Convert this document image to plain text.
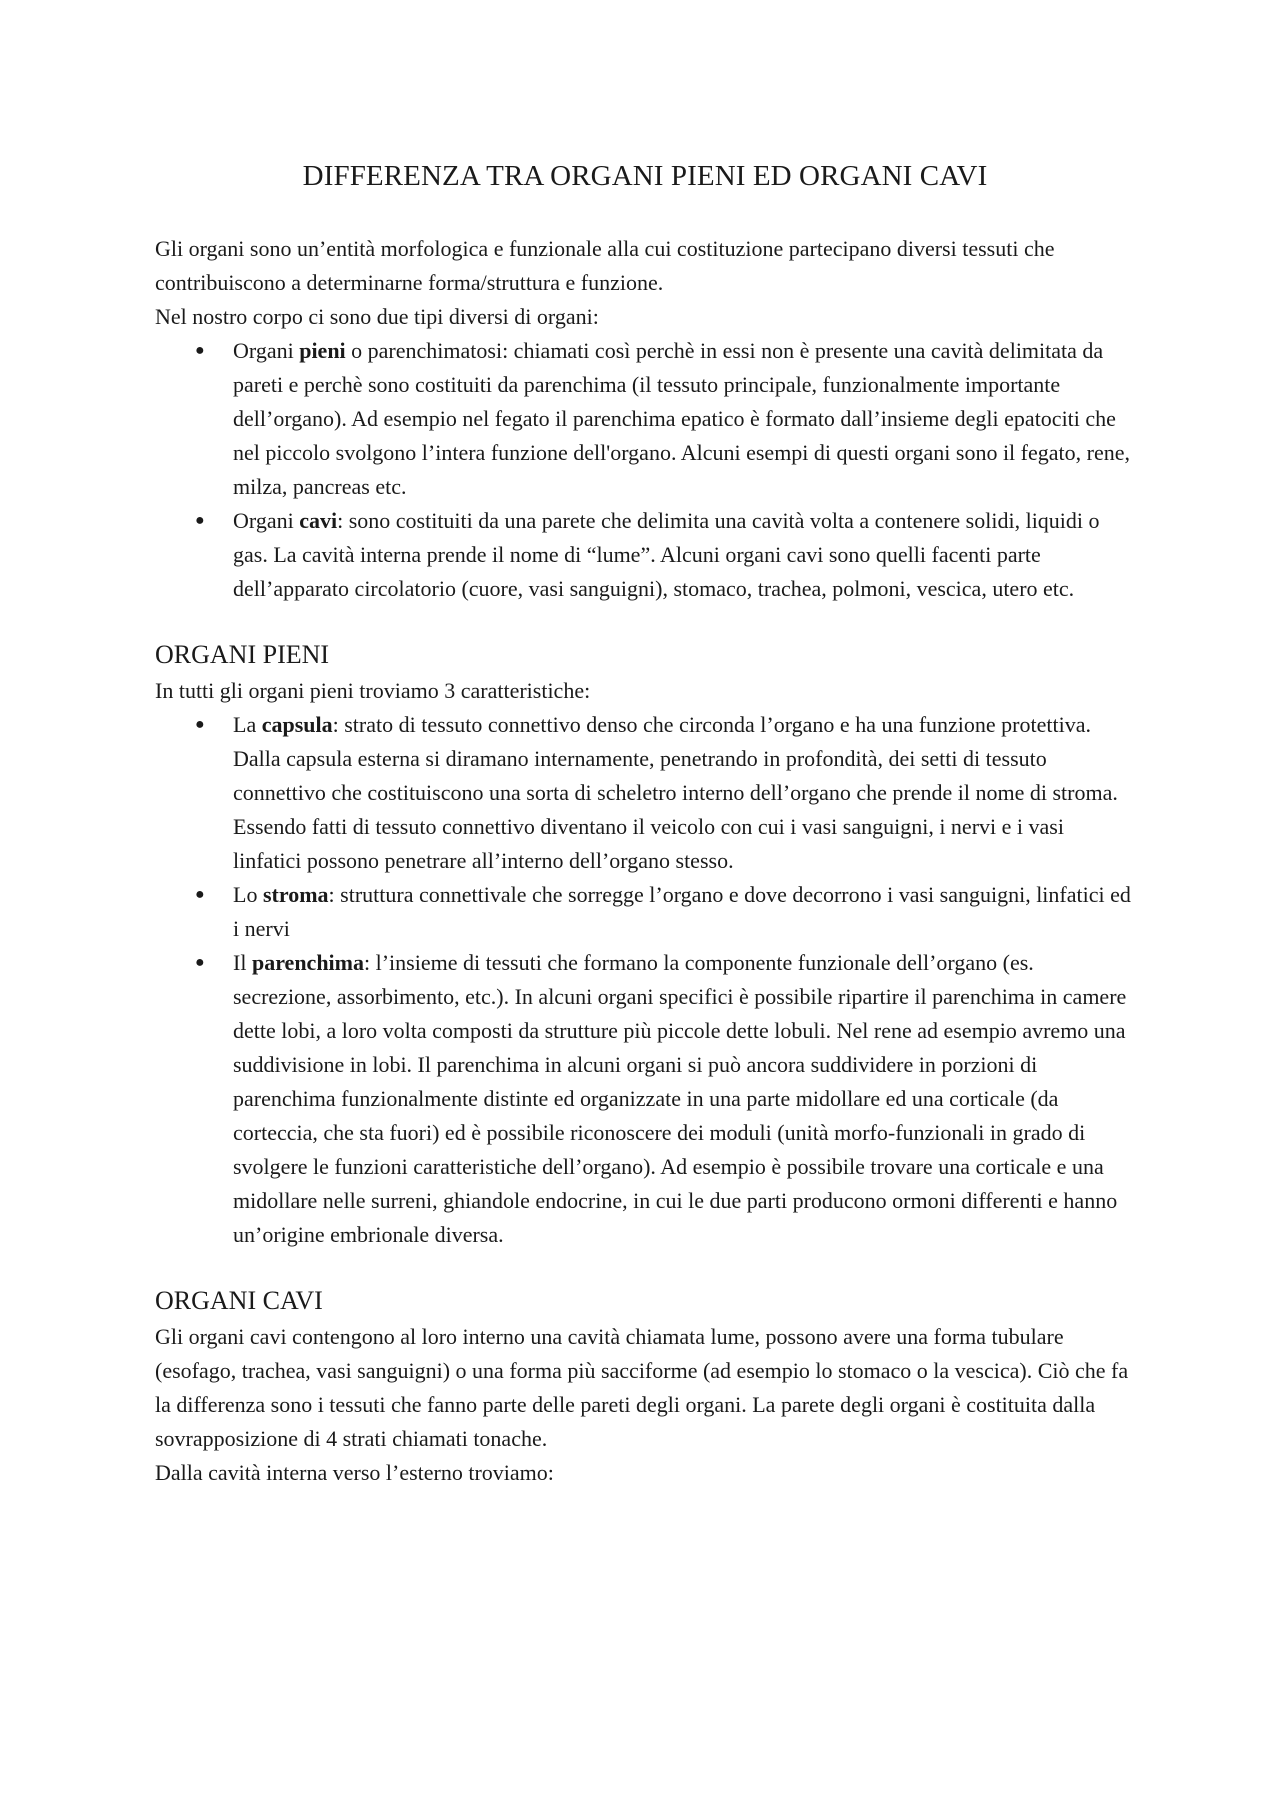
DIFFERENZA TRA ORGANI PIENI ED ORGANI CAVI

Gli organi sono un’entità morfologica e funzionale alla cui costituzione partecipano diversi tessuti che contribuiscono a determinarne forma/struttura e funzione.

Nel nostro corpo ci sono due tipi diversi di organi:

● Organi pieni o parenchimatosi: chiamati così perchè in essi non è presente una cavità delimitata da pareti e perchè sono costituiti da parenchima (il tessuto principale, funzionalmente importante dell’organo). Ad esempio nel fegato il parenchima epatico è formato dall’insieme degli epatociti che nel piccolo svolgono l’intera funzione dell'organo. Alcuni esempi di questi organi sono il fegato, rene, milza, pancreas etc.
● Organi cavi: sono costituiti da una parete che delimita una cavità volta a contenere solidi, liquidi o gas. La cavità interna prende il nome di “lume”. Alcuni organi cavi sono quelli facenti parte dell’apparato circolatorio (cuore, vasi sanguigni), stomaco, trachea, polmoni, vescica, utero etc.
ORGANI PIENI

In tutti gli organi pieni troviamo 3 caratteristiche:

● La capsula: strato di tessuto connettivo denso che circonda l’organo e ha una funzione protettiva. Dalla capsula esterna si diramano internamente, penetrando in profondità, dei setti di tessuto connettivo che costituiscono una sorta di scheletro interno dell’organo che prende il nome di stroma. Essendo fatti di tessuto connettivo diventano il veicolo con cui i vasi sanguigni, i nervi e i vasi linfatici possono penetrare all’interno dell’organo stesso.
● Lo stroma: struttura connettivale che sorregge l’organo e dove decorrono i vasi sanguigni, linfatici ed i nervi
● Il parenchima: l’insieme di tessuti che formano la componente funzionale dell’organo (es. secrezione, assorbimento, etc.). In alcuni organi specifici è possibile ripartire il parenchima in camere dette lobi, a loro volta composti da strutture più piccole dette lobuli. Nel rene ad esempio avremo una suddivisione in lobi. Il parenchima in alcuni organi si può ancora suddividere in porzioni di parenchima funzionalmente distinte ed organizzate in una parte midollare ed una corticale (da corteccia, che sta fuori) ed è possibile riconoscere dei moduli (unità morfo-funzionali in grado di svolgere le funzioni caratteristiche dell’organo). Ad esempio è possibile trovare una corticale e una midollare nelle surreni, ghiandole endocrine, in cui le due parti producono ormoni differenti e hanno un’origine embrionale diversa.
ORGANI CAVI

Gli organi cavi contengono al loro interno una cavità chiamata lume, possono avere una forma tubulare (esofago, trachea, vasi sanguigni) o una forma più sacciforme (ad esempio lo stomaco o la vescica). Ciò che fa la differenza sono i tessuti che fanno parte delle pareti degli organi. La parete degli organi è costituita dalla sovrapposizione di 4 strati chiamati tonache.

Dalla cavità interna verso l’esterno troviamo:
